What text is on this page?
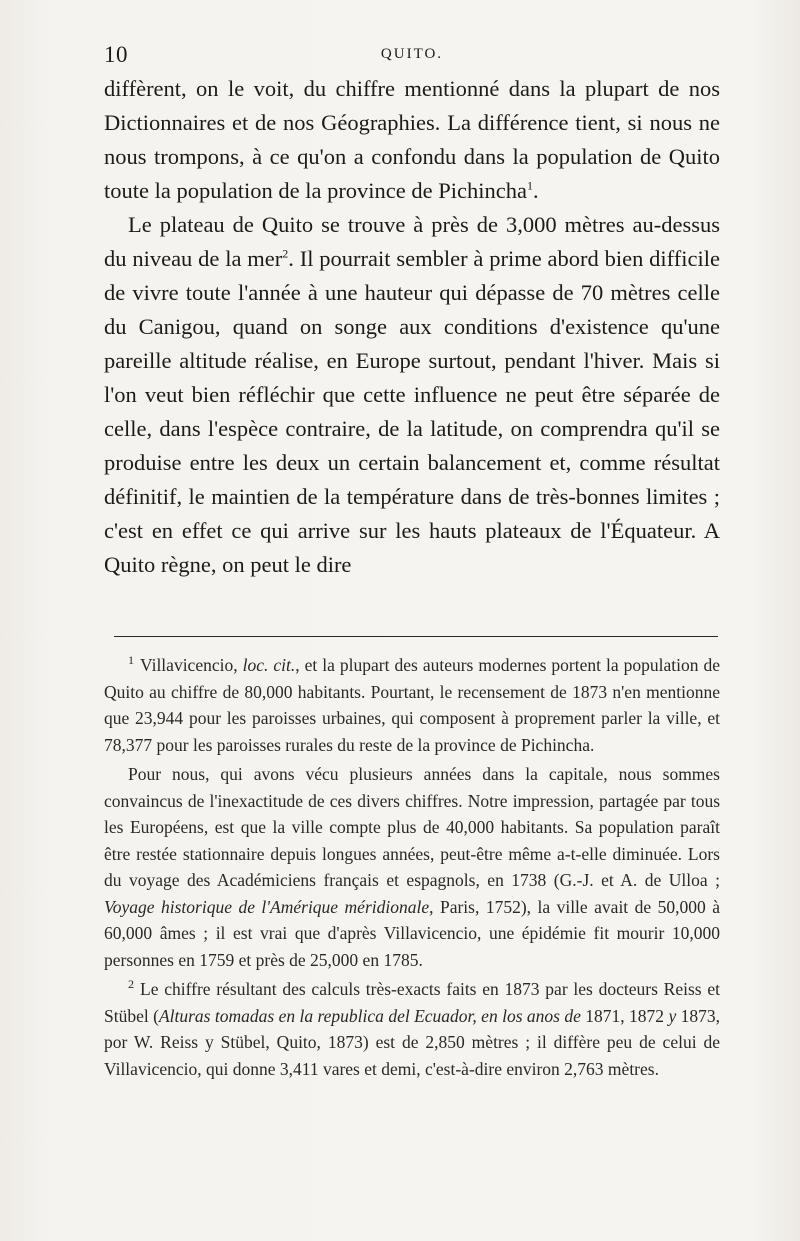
10	QUITO.

diffèrent, on le voit, du chiffre mentionné dans la plupart de nos Dictionnaires et de nos Géographies. La différence tient, si nous ne nous trompons, à ce qu'on a confondu dans la population de Quito toute la population de la province de Pichincha$^1$.

Le plateau de Quito se trouve à près de 3,000 mètres au-dessus du niveau de la mer$^2$. Il pourrait sembler à prime abord bien difficile de vivre toute l'année à une hauteur qui dépasse de 70 mètres celle du Canigou, quand on songe aux conditions d'existence qu'une pareille altitude réalise, en Europe surtout, pendant l'hiver. Mais si l'on veut bien réfléchir que cette influence ne peut être séparée de celle, dans l'espèce contraire, de la latitude, on comprendra qu'il se produise entre les deux un certain balancement et, comme résultat définitif, le maintien de la température dans de très-bonnes limites ; c'est en effet ce qui arrive sur les hauts plateaux de l'Équateur. A Quito règne, on peut le dire

$^1$ Villavicencio, loc. cit., et la plupart des auteurs modernes portent la population de Quito au chiffre de 80,000 habitants. Pourtant, le recensement de 1873 n'en mentionne que 23,944 pour les paroisses urbaines, qui composent à proprement parler la ville, et 78,377 pour les paroisses rurales du reste de la province de Pichincha.

Pour nous, qui avons vécu plusieurs années dans la capitale, nous sommes convaincus de l'inexactitude de ces divers chiffres. Notre impression, partagée par tous les Européens, est que la ville compte plus de 40,000 habitants. Sa population paraît être restée stationnaire depuis longues années, peut-être même a-t-elle diminuée. Lors du voyage des Académiciens français et espagnols, en 1738 (G.-J. et A. de Ulloa ; Voyage historique de l'Amérique méridionale, Paris, 1752), la ville avait de 50,000 à 60,000 âmes ; il est vrai que d'après Villavicencio, une épidémie fit mourir 10,000 personnes en 1759 et près de 25,000 en 1785.

$^2$ Le chiffre résultant des calculs très-exacts faits en 1873 par les docteurs Reiss et Stübel (Alturas tomadas en la republica del Ecuador, en los anos de 1871, 1872 y 1873, por W. Reiss y Stübel, Quito, 1873) est de 2,850 mètres ; il diffère peu de celui de Villavicencio, qui donne 3,411 vares et demi, c'est-à-dire environ 2,763 mètres.
